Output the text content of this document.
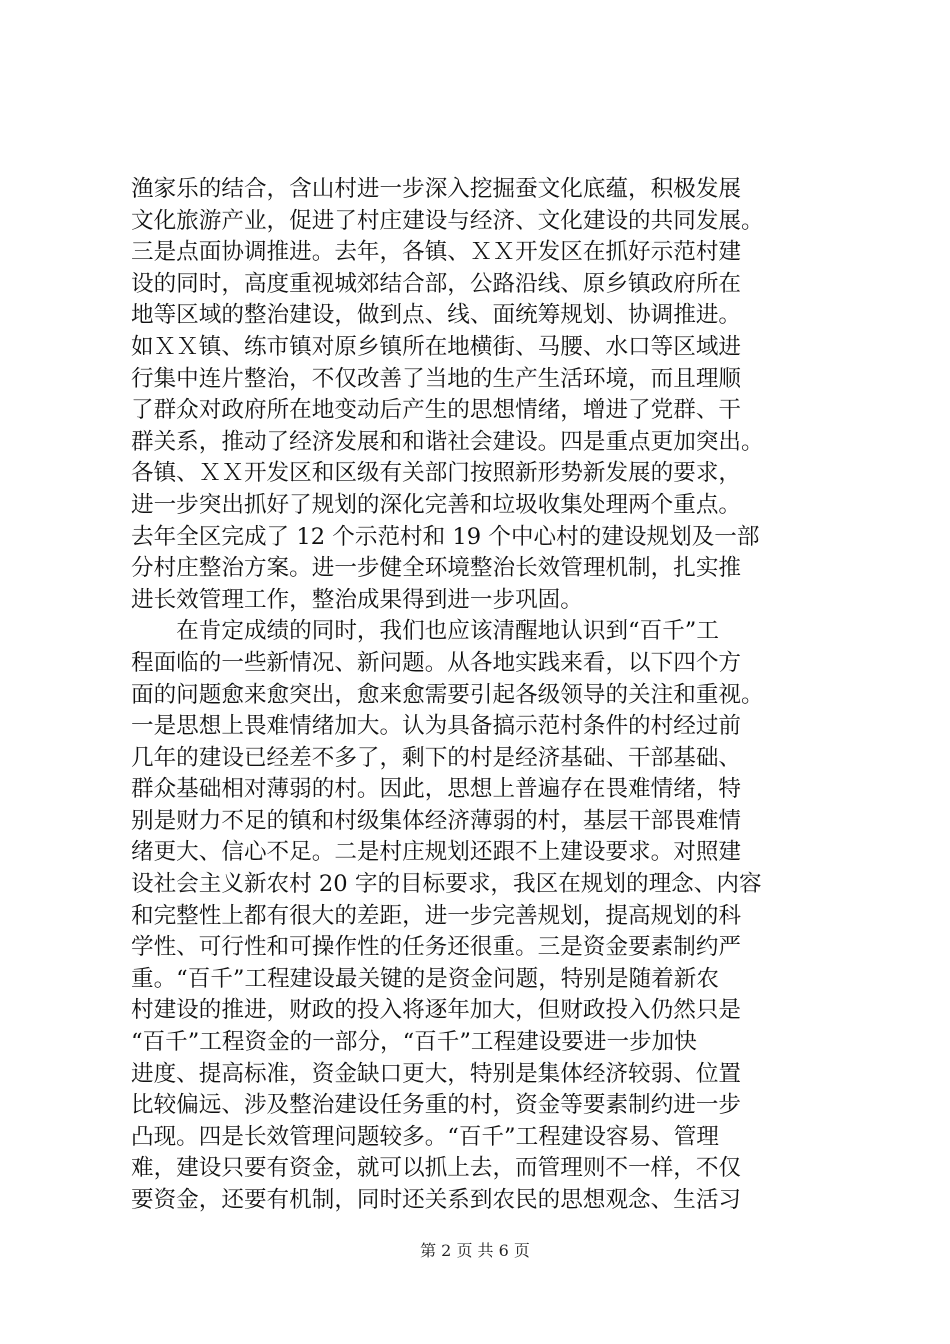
渔家乐的结合，含山村进一步深入挖掘蚕文化底蕴，积极发展
文化旅游产业，促进了村庄建设与经济、文化建设的共同发展。
三是点面协调推进。去年，各镇、ＸＸ开发区在抓好示范村建
设的同时，高度重视城郊结合部，公路沿线、原乡镇政府所在
地等区域的整治建设，做到点、线、面统筹规划、协调推进。
如ＸＸ镇、练市镇对原乡镇所在地横街、马腰、水口等区域进
行集中连片整治，不仅改善了当地的生产生活环境，而且理顺
了群众对政府所在地变动后产生的思想情绪，增进了党群、干
群关系，推动了经济发展和和谐社会建设。四是重点更加突出。
各镇、ＸＸ开发区和区级有关部门按照新形势新发展的要求，
进一步突出抓好了规划的深化完善和垃圾收集处理两个重点。
去年全区完成了 12 个示范村和 19 个中心村的建设规划及一部
分村庄整治方案。进一步健全环境整治长效管理机制，扎实推
进长效管理工作，整治成果得到进一步巩固。
　　在肯定成绩的同时，我们也应该清醒地认识到“百千”工
程面临的一些新情况、新问题。从各地实践来看，以下四个方
面的问题愈来愈突出，愈来愈需要引起各级领导的关注和重视。
一是思想上畏难情绪加大。认为具备搞示范村条件的村经过前
几年的建设已经差不多了，剩下的村是经济基础、干部基础、
群众基础相对薄弱的村。因此，思想上普遍存在畏难情绪，特
别是财力不足的镇和村级集体经济薄弱的村，基层干部畏难情
绪更大、信心不足。二是村庄规划还跟不上建设要求。对照建
设社会主义新农村 20 字的目标要求，我区在规划的理念、内容
和完整性上都有很大的差距，进一步完善规划，提高规划的科
学性、可行性和可操作性的任务还很重。三是资金要素制约严
重。“百千”工程建设最关键的是资金问题，特别是随着新农
村建设的推进，财政的投入将逐年加大，但财政投入仍然只是
“百千”工程资金的一部分，“百千”工程建设要进一步加快
进度、提高标准，资金缺口更大，特别是集体经济较弱、位置
比较偏远、涉及整治建设任务重的村，资金等要素制约进一步
凸现。四是长效管理问题较多。“百千”工程建设容易、管理
难，建设只要有资金，就可以抓上去，而管理则不一样，不仅
要资金，还要有机制，同时还关系到农民的思想观念、生活习
第 2 页 共 6 页
